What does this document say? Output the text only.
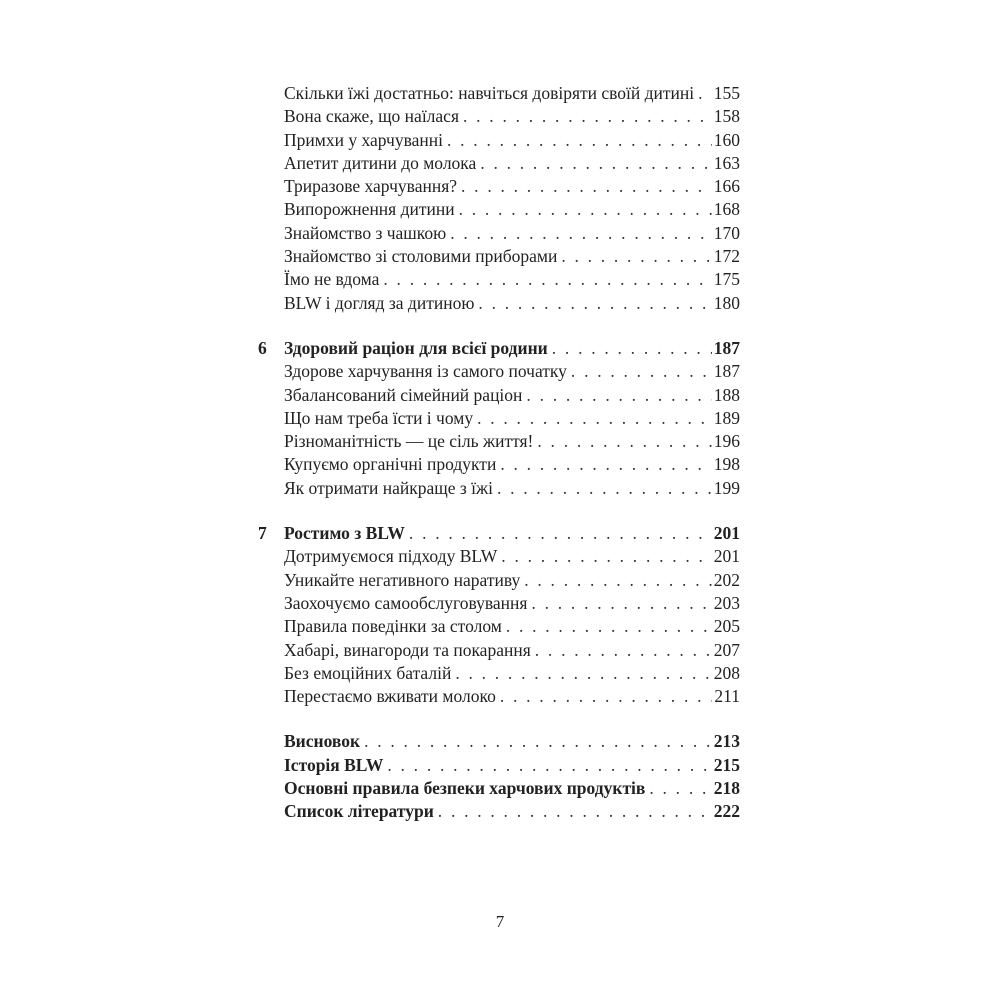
Скільки їжі достатньо: навчіться довіряти своїй дитині . . . 155
Вона скаже, що наїлася . . .	158
Примхи у харчуванні . . .	160
Апетит дитини до молока . . .	163
Триразове харчування? . . .	166
Випорожнення дитини . . .	168
Знайомство з чашкою . . .	170
Знайомство зі столовими приборами . . .	172
Їмо не вдома . . .	175
BLW і догляд за дитиною . . .	180
6 Здоровий раціон для всієї родини . . .	187
Здорове харчування із самого початку . . .	187
Збалансований сімейний раціон . . .	188
Що нам треба їсти і чому . . .	189
Різноманітність — це сіль життя! . . .	196
Купуємо органічні продукти . . .	198
Як отримати найкраще з їжі . . .	199
7 Ростимо з BLW . . .	201
Дотримуємося підходу BLW . . .	201
Уникайте негативного наративу . . .	202
Заохочуємо самообслуговування . . .	203
Правила поведінки за столом . . .	205
Хабарі, винагороди та покарання . . .	207
Без емоційних баталій . . .	208
Перестаємо вживати молоко . . .	211
Висновок . . .	213
Історія BLW . . .	215
Основні правила безпеки харчових продуктів . . .	218
Список літератури . . .	222
7
